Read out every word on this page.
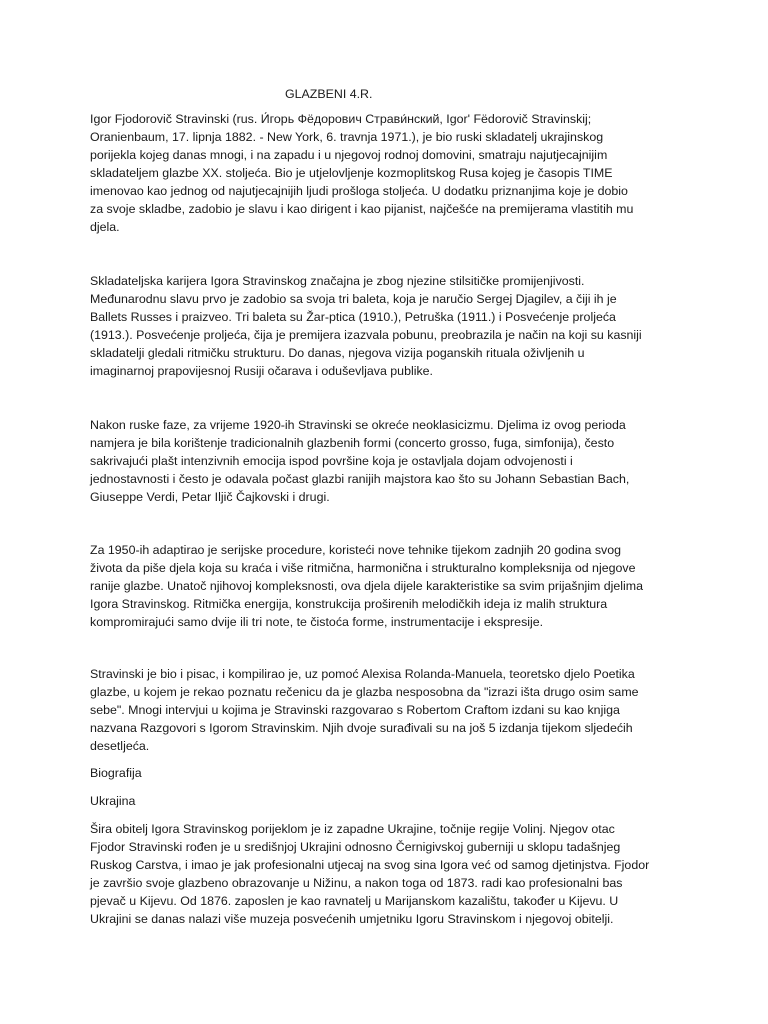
GLAZBENI 4.R.
Igor Fjodorovič Stravinski (rus. И́горь Фёдорович Страви́нский, Igor' Fëdorovič Stravinskij;
Oranienbaum, 17. lipnja 1882. - New York, 6. travnja 1971.), je bio ruski skladatelj ukrajinskog
porijekla kojeg danas mnogi, i na zapadu i u njegovoj rodnoj domovini, smatraju najutjecajnijim
skladateljem glazbe XX. stoljeća. Bio je utjelovljenje kozmoplitskog Rusa kojeg je časopis TIME
imenovao kao jednog od najutjecajnijih ljudi prošloga stoljeća. U dodatku priznanjima koje je dobio
za svoje skladbe, zadobio je slavu i kao dirigent i kao pijanist, najčešće na premijerama vlastitih mu
djela.
Skladateljska karijera Igora Stravinskog značajna je zbog njezine stilsitičke promijenjivosti.
Međunarodnu slavu prvo je zadobio sa svoja tri baleta, koja je naručio Sergej Djagilev, a čiji ih je
Ballets Russes i praizveo. Tri baleta su Žar-ptica (1910.), Petruška (1911.) i Posvećenje proljeća
(1913.). Posvećenje proljeća, čija je premijera izazvala pobunu, preobrazila je način na koji su kasniji
skladatelji gledali ritmičku strukturu. Do danas, njegova vizija poganskih rituala oživljenih u
imaginarnoj prapovijesnoj Rusiji očarava i oduševljava publike.
Nakon ruske faze, za vrijeme 1920-ih Stravinski se okreće neoklasicizmu. Djelima iz ovog perioda
namjera je bila korištenje tradicionalnih glazbenih formi (concerto grosso, fuga, simfonija), često
sakrivajući plašt intenzivnih emocija ispod površine koja je ostavljala dojam odvojenosti i
jednostavnosti i često je odavala počast glazbi ranijih majstora kao što su Johann Sebastian Bach,
Giuseppe Verdi, Petar Iljič Čajkovski i drugi.
Za 1950-ih adaptirao je serijske procedure, koristeći nove tehnike tijekom zadnjih 20 godina svog
života da piše djela koja su kraća i više ritmična, harmonična i strukturalno kompleksnija od njegove
ranije glazbe. Unatoč njihovoj kompleksnosti, ova djela dijele karakteristike sa svim prijašnjim djelima
Igora Stravinskog. Ritmička energija, konstrukcija proširenih melodičkih ideja iz malih struktura
kompromirajući samo dvije ili tri note, te čistoća forme, instrumentacije i ekspresije.
Stravinski je bio i pisac, i kompilirao je, uz pomoć Alexisa Rolanda-Manuela, teoretsko djelo Poetika
glazbe, u kojem je rekao poznatu rečenicu da je glazba nesposobna da "izrazi išta drugo osim same
sebe". Mnogi intervjui u kojima je Stravinski razgovarao s Robertom Craftom izdani su kao knjiga
nazvana Razgovori s Igorom Stravinskim. Njih dvoje surađivali su na još 5 izdanja tijekom sljedećih
desetljeća.
Biografija
Ukrajina
Šira obitelj Igora Stravinskog porijeklom je iz zapadne Ukrajine, točnije regije Volinj. Njegov otac
Fjodor Stravinski rođen je u središnjoj Ukrajini odnosno Černigivskoj guberniji u sklopu tadašnjeg
Ruskog Carstva, i imao je jak profesionalni utjecaj na svog sina Igora već od samog djetinjstva. Fjodor
je završio svoje glazbeno obrazovanje u Nižinu, a nakon toga od 1873. radi kao profesionalni bas
pjevač u Kijevu. Od 1876. zaposlen je kao ravnatelj u Marijanskom kazalištu, također u Kijevu. U
Ukrajini se danas nalazi više muzeja posvećenih umjetniku Igoru Stravinskom i njegovoj obitelji.
